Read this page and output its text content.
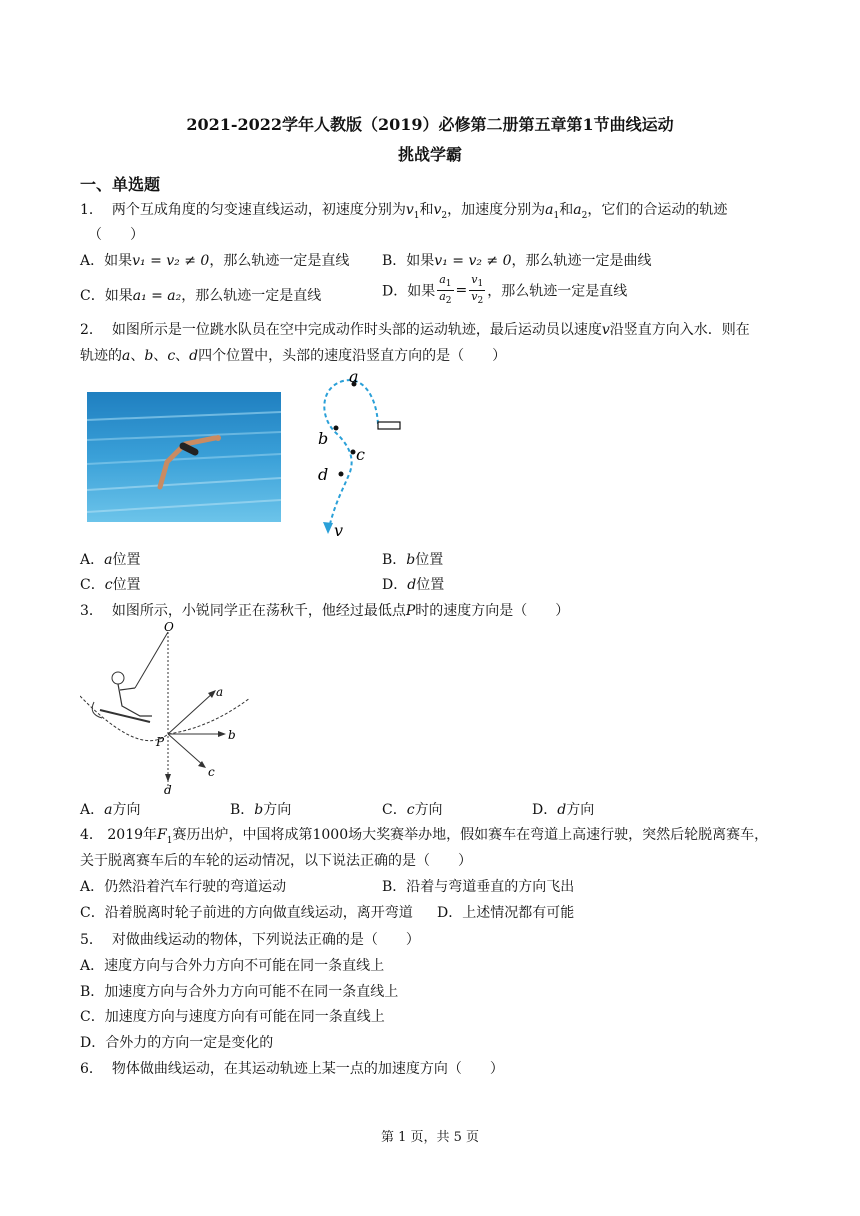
2021-2022学年人教版（2019）必修第二册第五章第1节曲线运动
挑战学霸
一、单选题
1． 两个互成角度的匀变速直线运动，初速度分别为$v_1$和$v_2$，加速度分别为$a_1$和$a_2$，它们的合运动的轨迹
（　　）
A．如果v₁ = v₂ ≠ 0，那么轨迹一定是直线 B．如果v₁ = v₂ ≠ 0，那么轨迹一定是曲线
C．如果a₁ = a₂，那么轨迹一定是直线	D．如果 $\frac{a_1}{a_2} = \frac{v_1}{v_2}$ ，那么轨迹一定是直线
2． 如图所示是一位跳水队员在空中完成动作时头部的运动轨迹，最后运动员以速度v沿竖直方向入水．则在
轨迹的a、b、c、d四个位置中，头部的速度沿竖直方向的是（　　）
a
b
c
d
v
A．a位置	B．b位置
C．c位置	D．d位置
3． 如图所示，小锐同学正在荡秋千，他经过最低点P时的速度方向是（　　）
O
a
b
c
d
P
A．a方向	B．b方向	C．c方向	D．d方向
4． 2019年$F_1$赛历出炉，中国将成第1000场大奖赛举办地，假如赛车在弯道上高速行驶，突然后轮脱离赛车，
关于脱离赛车后的车轮的运动情况，以下说法正确的是（　　）
A．仍然沿着汽车行驶的弯道运动	B．沿着与弯道垂直的方向飞出
C．沿着脱离时轮子前进的方向做直线运动，离开弯道 D．上述情况都有可能
5． 对做曲线运动的物体，下列说法正确的是（　　）
A．速度方向与合外力方向不可能在同一条直线上
B．加速度方向与合外力方向可能不在同一条直线上
C．加速度方向与速度方向有可能在同一条直线上
D．合外力的方向一定是变化的
6． 物体做曲线运动，在其运动轨迹上某一点的加速度方向（　　）
第 1 页，共 5 页
